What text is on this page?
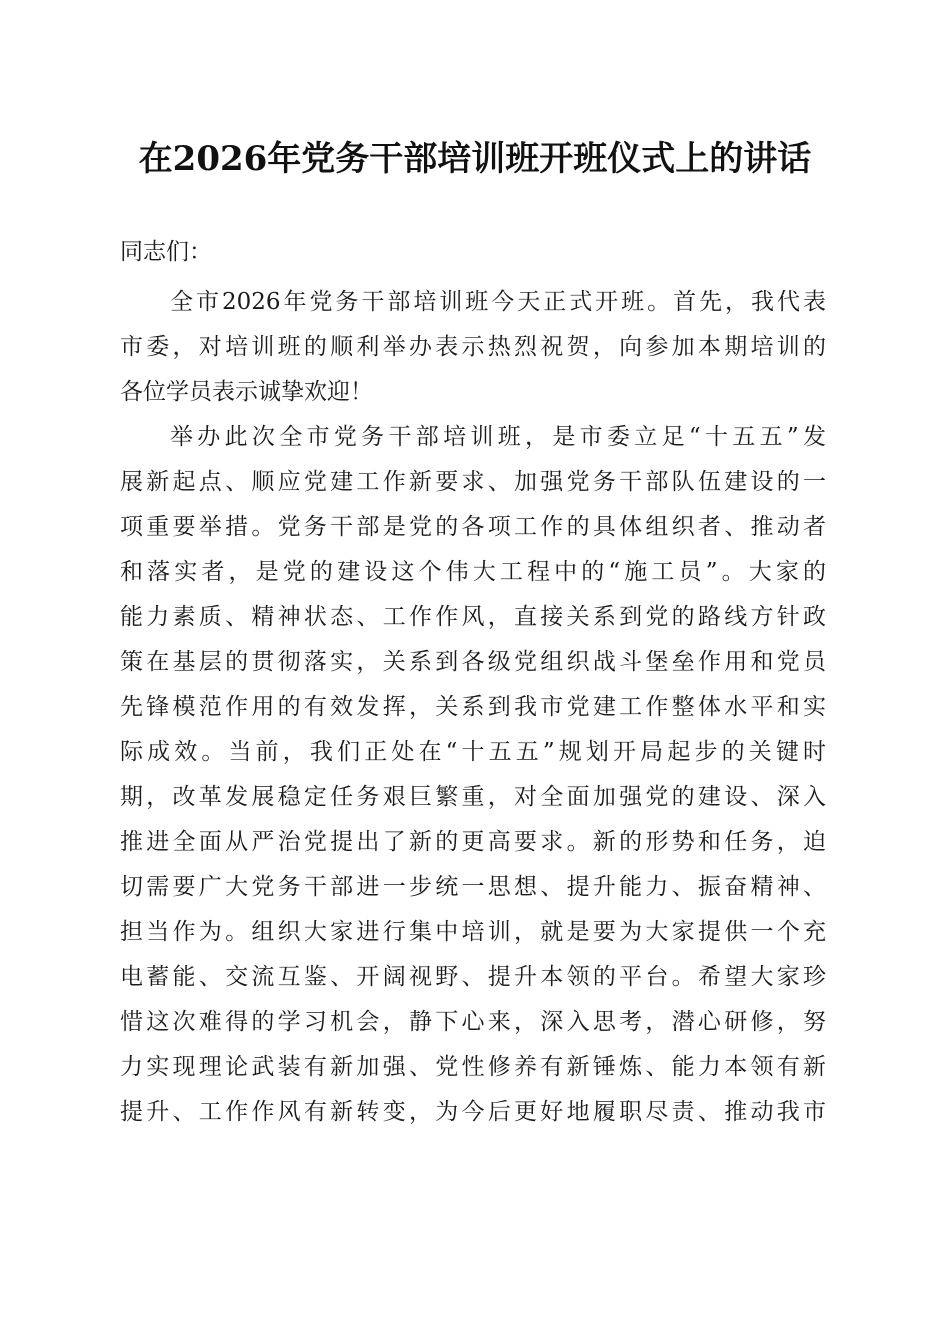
在2026年党务干部培训班开班仪式上的讲话
同志们：
全市2026年党务干部培训班今天正式开班。首先，我代表
市委，对培训班的顺利举办表示热烈祝贺，向参加本期培训的
各位学员表示诚挚欢迎！
举办此次全市党务干部培训班，是市委立足“十五五”发
展新起点、顺应党建工作新要求、加强党务干部队伍建设的一
项重要举措。党务干部是党的各项工作的具体组织者、推动者
和落实者，是党的建设这个伟大工程中的“施工员”。大家的
能力素质、精神状态、工作作风，直接关系到党的路线方针政
策在基层的贯彻落实，关系到各级党组织战斗堡垒作用和党员
先锋模范作用的有效发挥，关系到我市党建工作整体水平和实
际成效。当前，我们正处在“十五五”规划开局起步的关键时
期，改革发展稳定任务艰巨繁重，对全面加强党的建设、深入
推进全面从严治党提出了新的更高要求。新的形势和任务，迫
切需要广大党务干部进一步统一思想、提升能力、振奋精神、
担当作为。组织大家进行集中培训，就是要为大家提供一个充
电蓄能、交流互鉴、开阔视野、提升本领的平台。希望大家珍
惜这次难得的学习机会，静下心来，深入思考，潜心研修，努
力实现理论武装有新加强、党性修养有新锤炼、能力本领有新
提升、工作作风有新转变，为今后更好地履职尽责、推动我市
